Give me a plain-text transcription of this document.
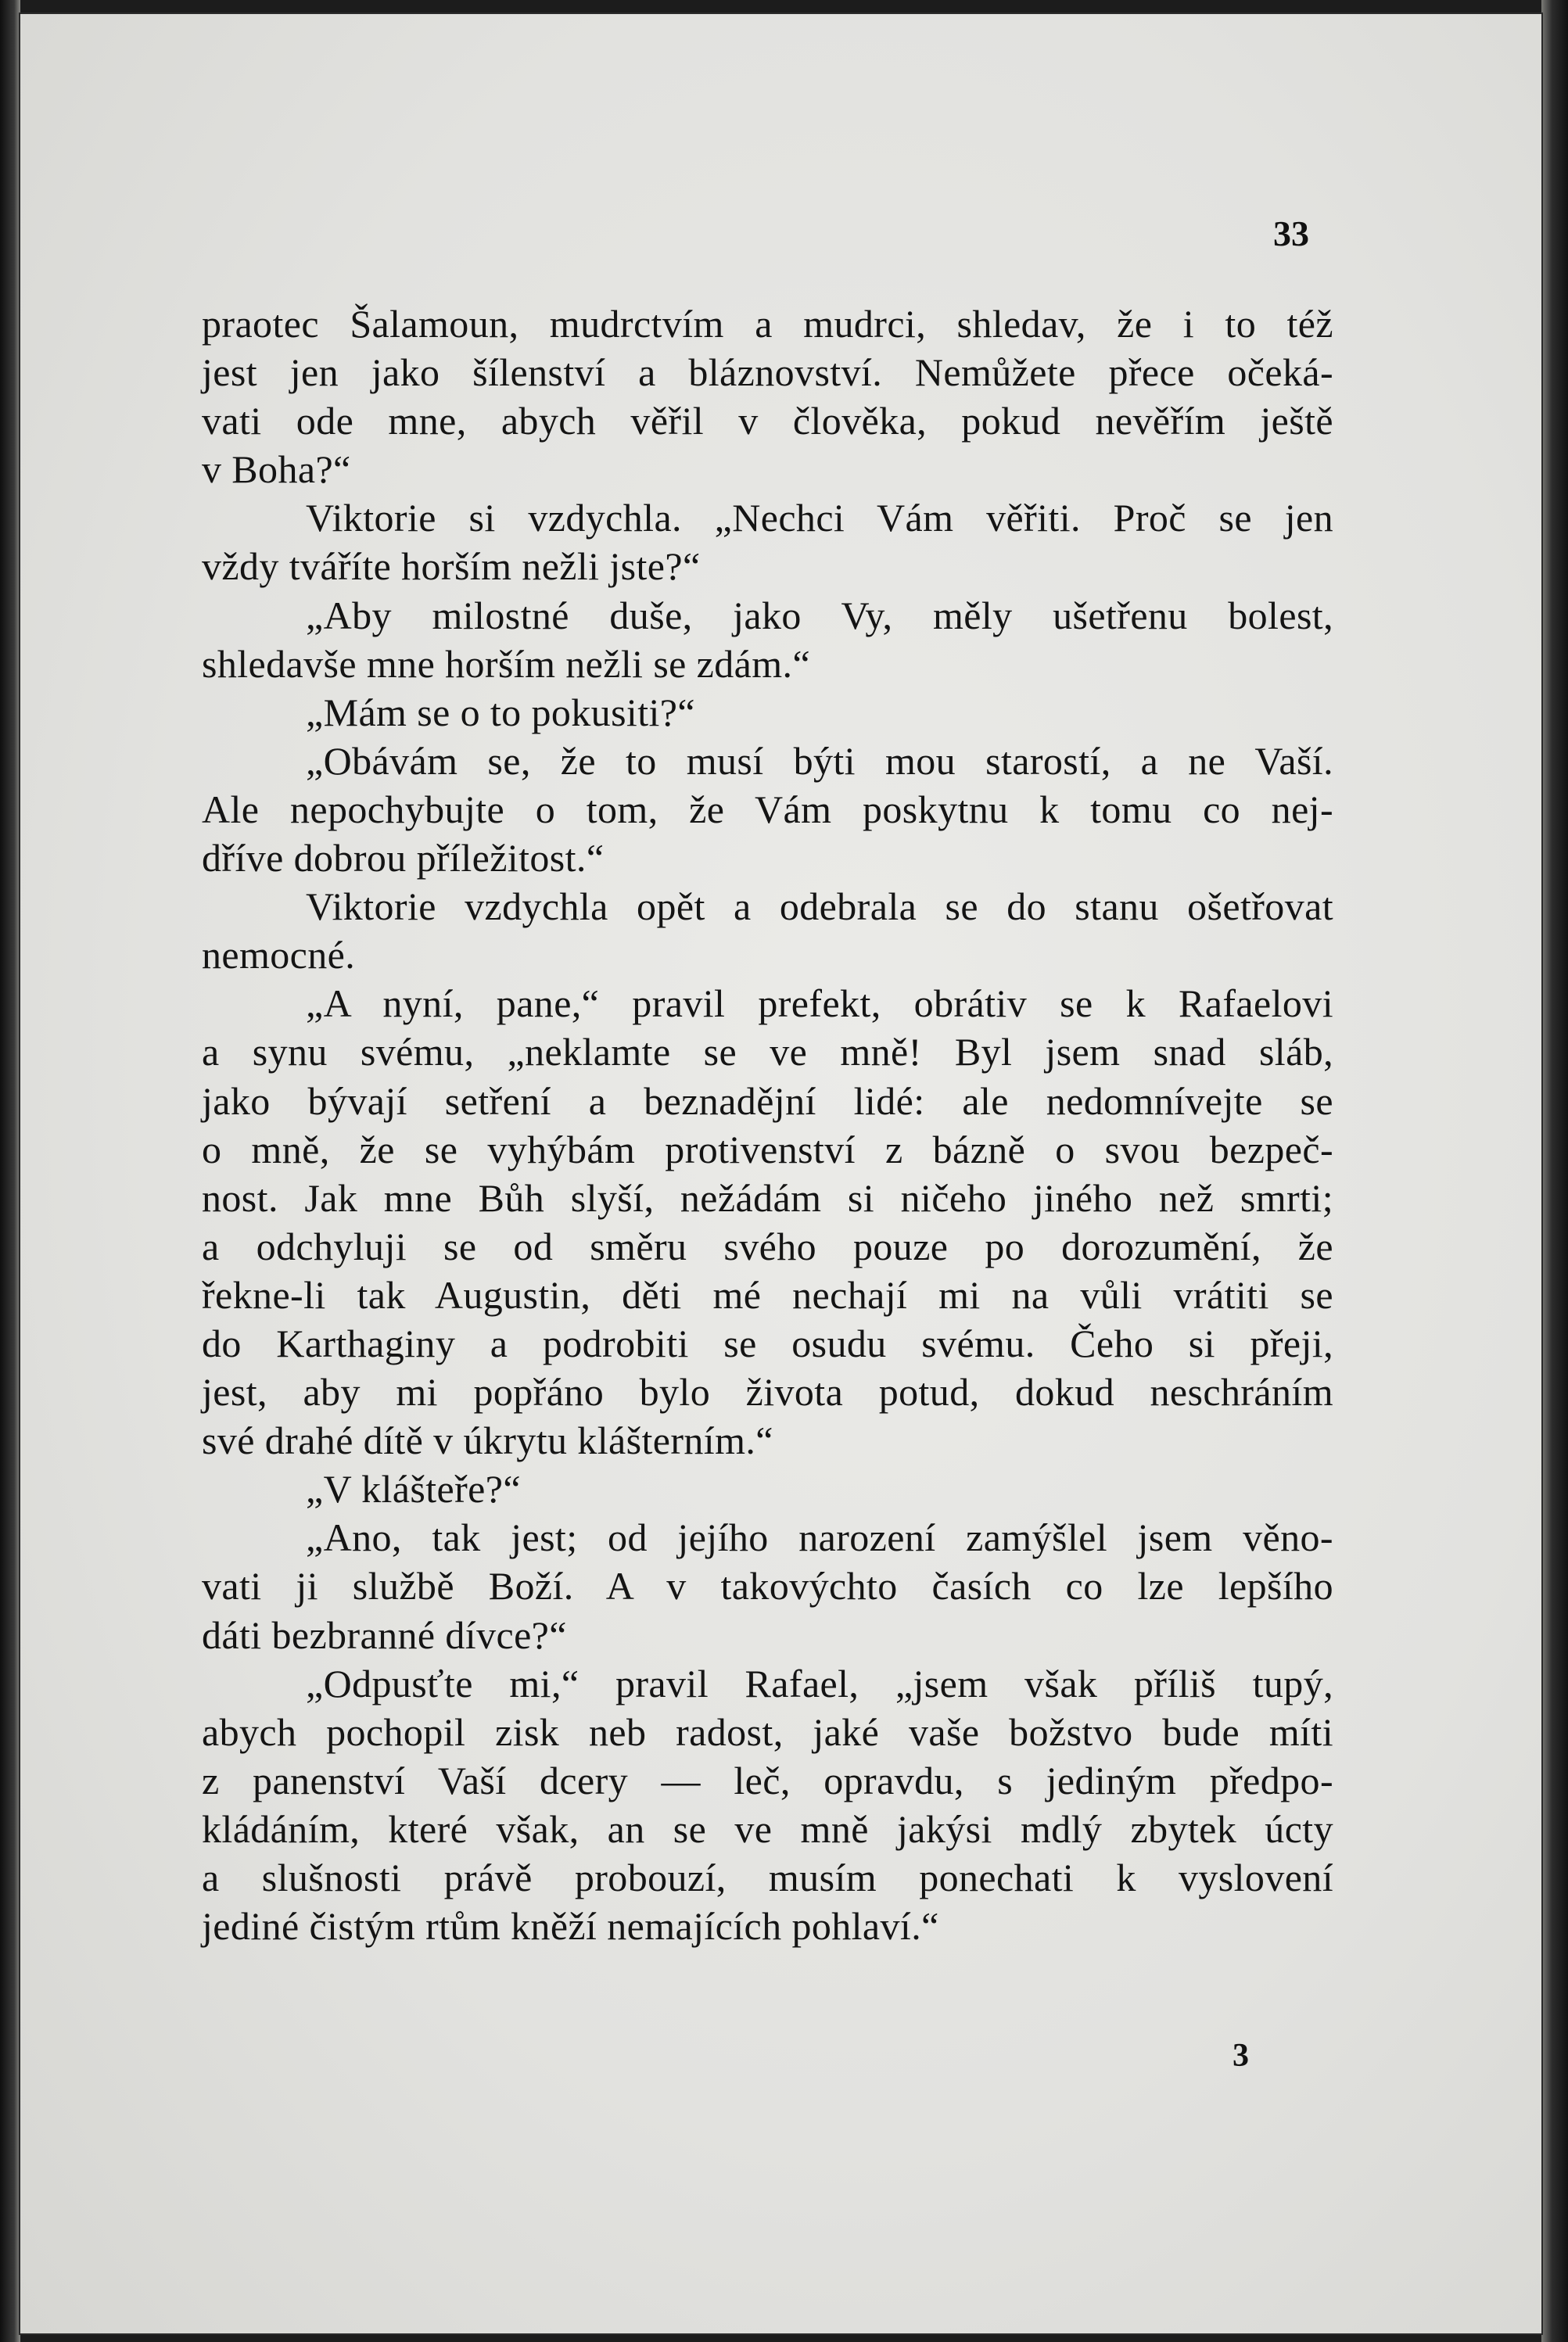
33
praotec Šalamoun, mudrctvím a mudrci, shledav, že i to též
jest jen jako šílenství a bláznovství. Nemůžete přece očeká-
vati ode mne, abych věřil v člověka, pokud nevěřím ještě
v Boha?“
Viktorie si vzdychla. „Nechci Vám věřiti. Proč se jen
vždy tváříte horším nežli jste?“
„Aby milostné duše, jako Vy, měly ušetřenu bolest,
shledavše mne horším nežli se zdám.“
„Mám se o to pokusiti?“
„Obávám se, že to musí býti mou starostí, a ne Vaší.
Ale nepochybujte o tom, že Vám poskytnu k tomu co nej-
dříve dobrou příležitost.“
Viktorie vzdychla opět a odebrala se do stanu ošetřovat
nemocné.
„A nyní, pane,“ pravil prefekt, obrátiv se k Rafaelovi
a synu svému, „neklamte se ve mně! Byl jsem snad sláb,
jako bývají setření a beznadějní lidé: ale nedomnívejte se
o mně, že se vyhýbám protivenství z bázně o svou bezpeč-
nost. Jak mne Bůh slyší, nežádám si ničeho jiného než smrti;
a odchyluji se od směru svého pouze po dorozumění, že
řekne-li tak Augustin, děti mé nechají mi na vůli vrátiti se
do Karthaginy a podrobiti se osudu svému. Čeho si přeji,
jest, aby mi popřáno bylo života potud, dokud neschráním
své drahé dítě v úkrytu klášterním.“
„V klášteře?“
„Ano, tak jest; od jejího narození zamýšlel jsem věno-
vati ji službě Boží. A v takovýchto časích co lze lepšího
dáti bezbranné dívce?“
„Odpusťte mi,“ pravil Rafael, „jsem však příliš tupý,
abych pochopil zisk neb radost, jaké vaše božstvo bude míti
z panenství Vaší dcery — leč, opravdu, s jediným předpo-
kládáním, které však, an se ve mně jakýsi mdlý zbytek úcty
a slušnosti právě probouzí, musím ponechati k vyslovení
jediné čistým rtům kněží nemajících pohlaví.“
3
